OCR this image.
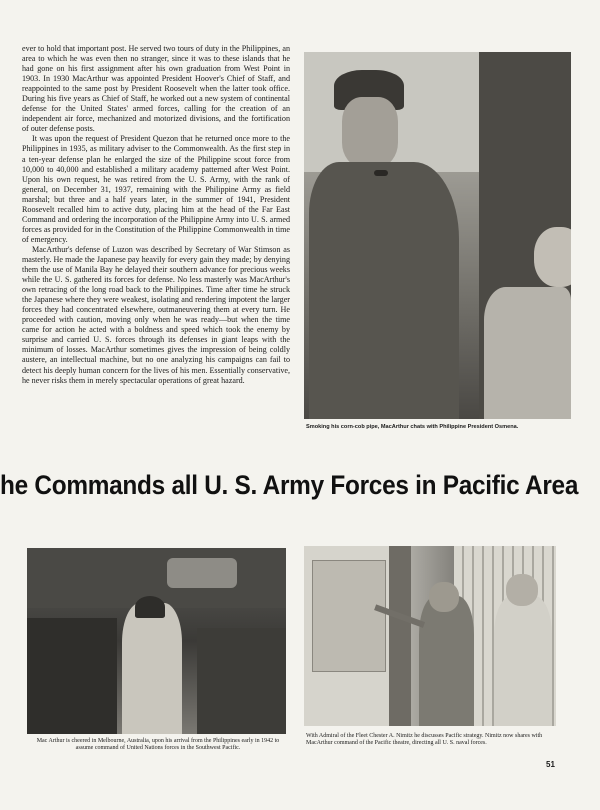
ever to hold that important post. He served two tours of duty in the Philippines, an area to which he was even then no stranger, since it was to these islands that he had gone on his first assignment after his own graduation from West Point in 1903. In 1930 MacArthur was appointed President Hoover's Chief of Staff, and reappointed to the same post by President Roosevelt when the latter took office. During his five years as Chief of Staff, he worked out a new system of continental defense for the United States' armed forces, calling for the creation of an independent air force, mechanized and motorized divisions, and the fortification of outer defense posts.

It was upon the request of President Quezon that he returned once more to the Philippines in 1935, as military adviser to the Commonwealth. As the first step in a ten-year defense plan he enlarged the size of the Philippine scout force from 10,000 to 40,000 and established a military academy patterned after West Point. Upon his own request, he was retired from the U. S. Army, with the rank of general, on December 31, 1937, remaining with the Philippine Army as field marshal; but three and a half years later, in the summer of 1941, President Roosevelt recalled him to active duty, placing him at the head of the Far East Command and ordering the incorporation of the Philippine Army into U. S. armed forces as provided for in the Constitution of the Philippine Commonwealth in time of emergency.

MacArthur's defense of Luzon was described by Secretary of War Stimson as masterly. He made the Japanese pay heavily for every gain they made; by denying them the use of Manila Bay he delayed their southern advance for precious weeks while the U. S. gathered its forces for defense. No less masterly was MacArthur's own retracing of the long road back to the Philippines. Time after time he struck the Japanese where they were weakest, isolating and rendering impotent the larger forces they had concentrated elsewhere, outmaneuvering them at every turn. He proceeded with caution, moving only when he was ready—but when the time came for action he acted with a boldness and speed which took the enemy by surprise and carried U. S. forces through its defenses in giant leaps with the minimum of losses. MacArthur sometimes gives the impression of being coldly austere, an intellectual machine, but no one analyzing his campaigns can fail to detect his deeply human concern for the lives of his men. Essentially conservative, he never risks them in merely spectacular operations of great hazard.

Smoking his corn-cob pipe, MacArthur chats with Philippine President Osmena.
he Commands all U. S. Army Forces in Pacific Area
Mac Arthur is cheered in Melbourne, Australia, upon his arrival from the Philippines early in 1942 to assume command of United Nations forces in the Southwest Pacific.
With Admiral of the Fleet Chester A. Nimitz he discusses Pacific strategy. Nimitz now shares with MacArthur command of the Pacific theatre, directing all U. S. naval forces.
51
